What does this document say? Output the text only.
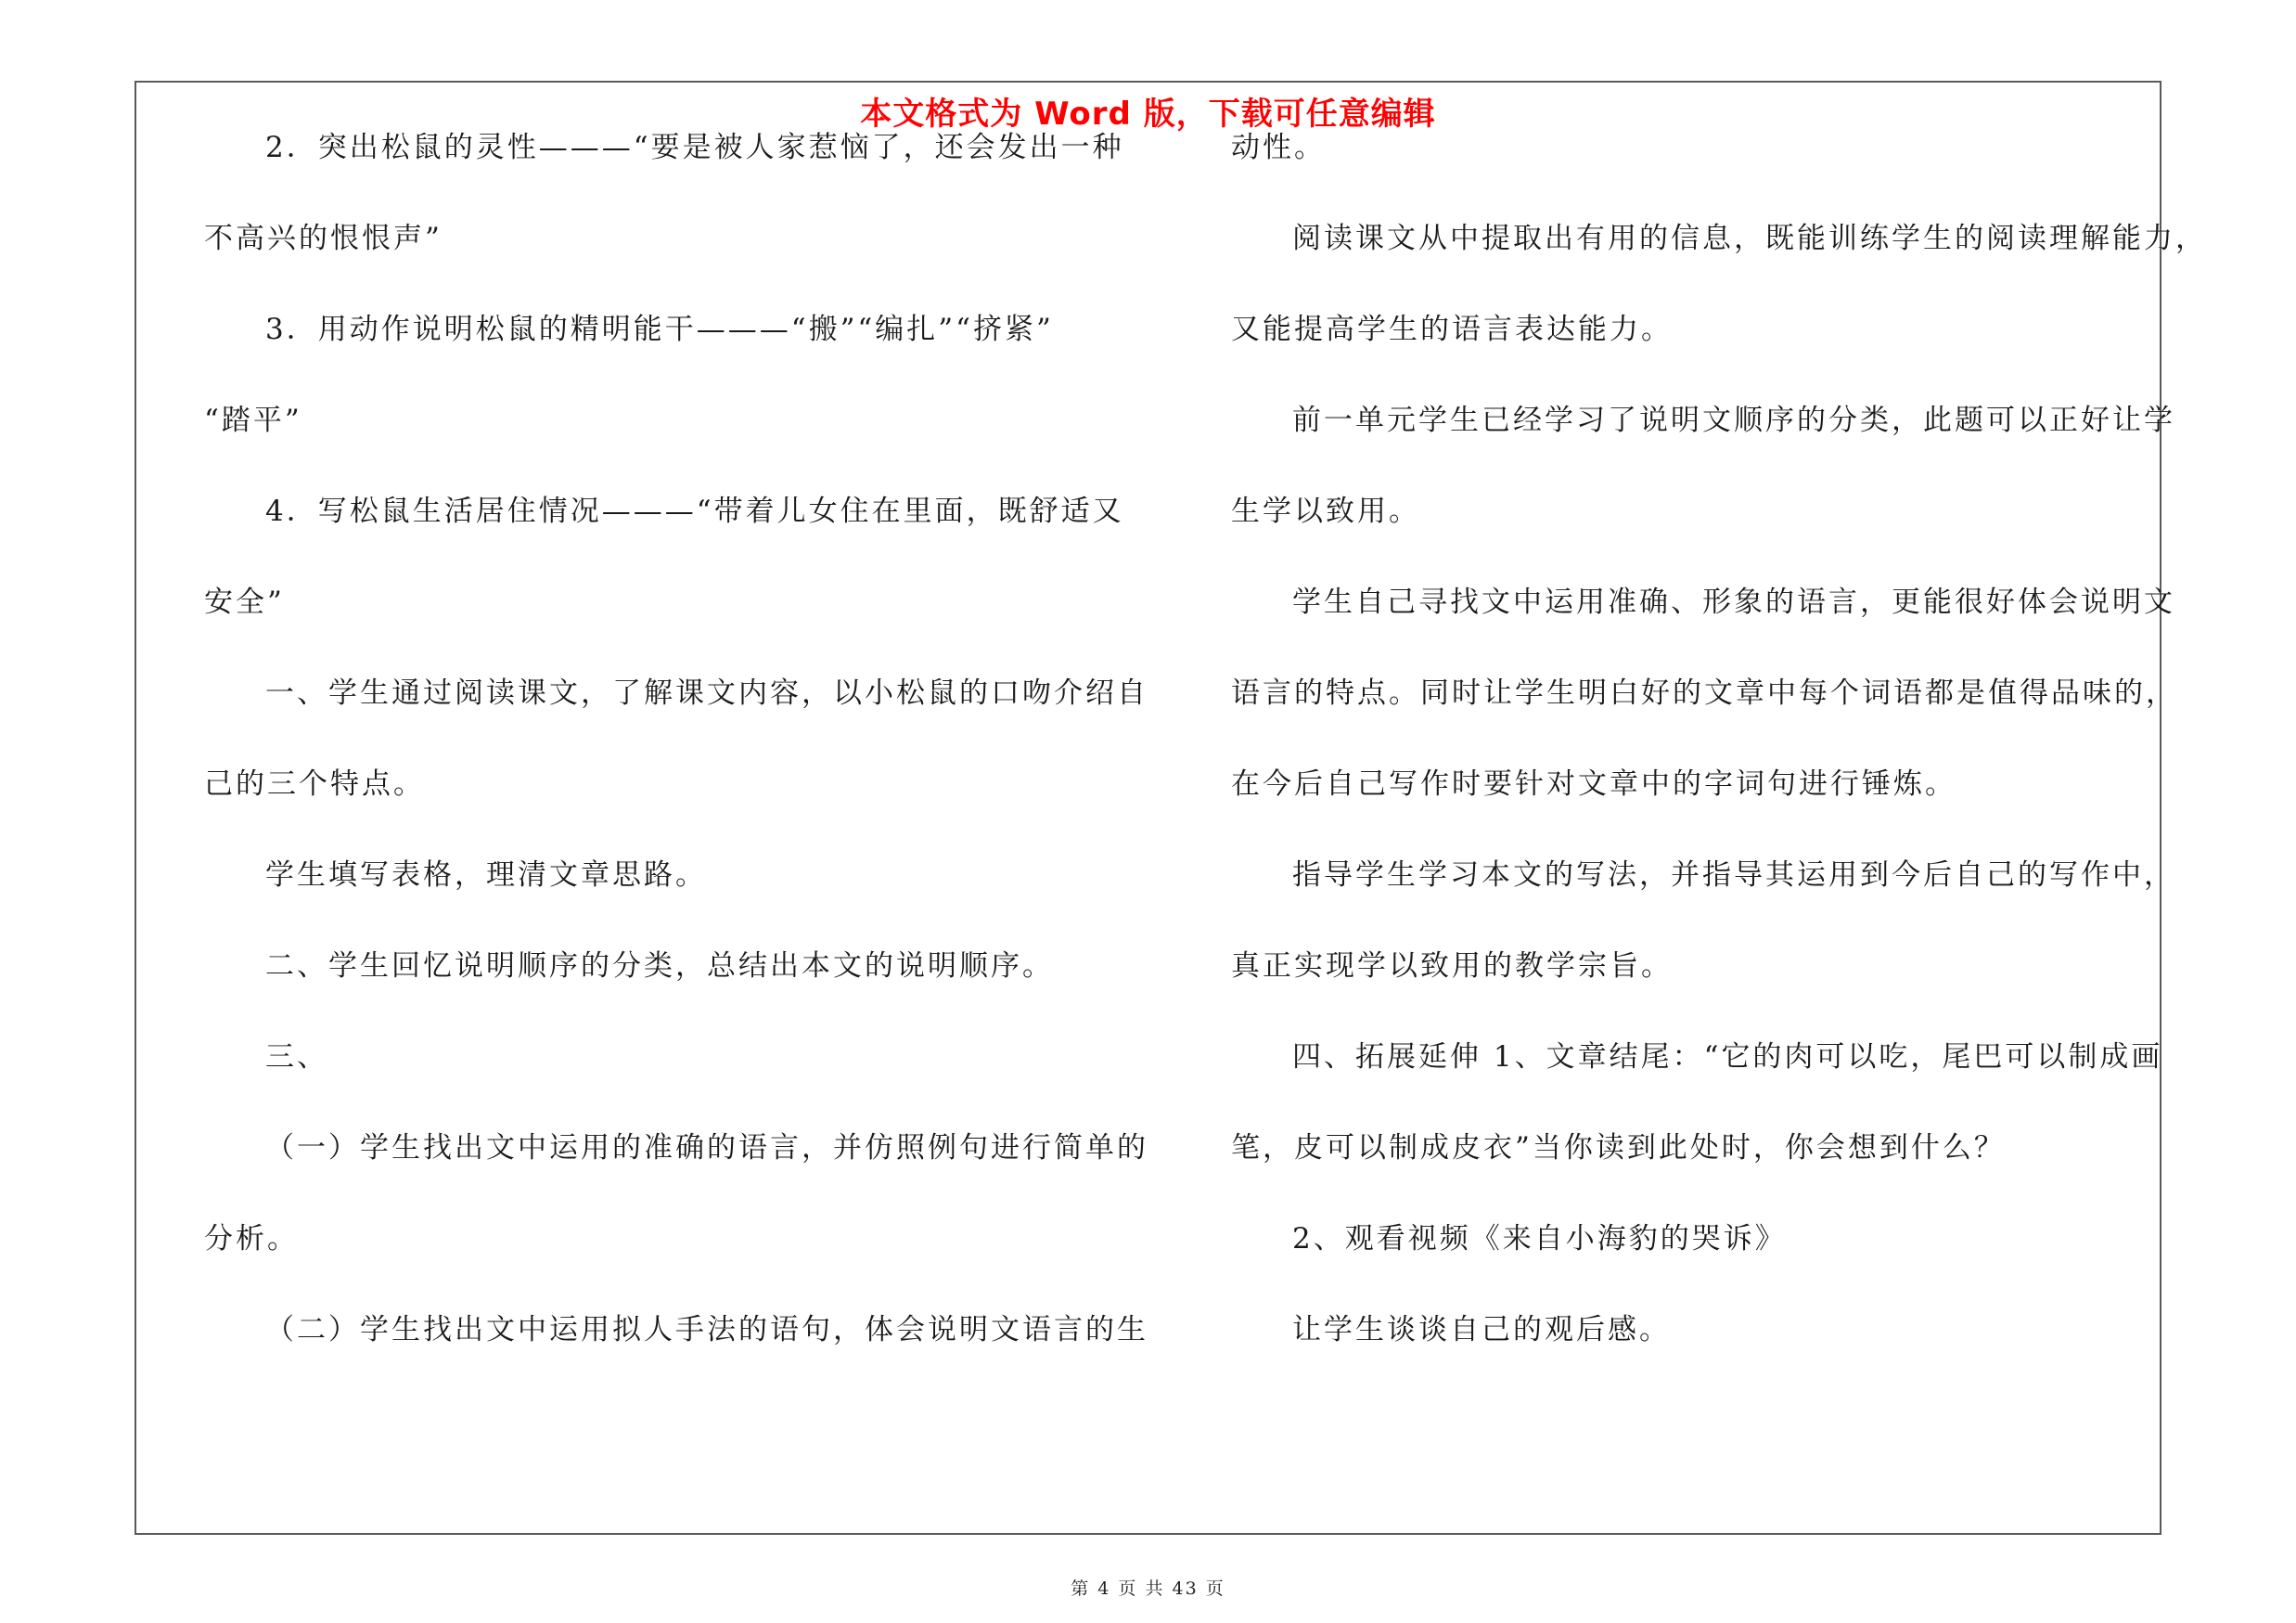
本文格式为 Word 版，下载可任意编辑
第 4 页 共 43 页

2．突出松鼠的灵性———“要是被人家惹恼了，还会发出一种

不高兴的恨恨声”

3．用动作说明松鼠的精明能干———“搬”“编扎”“挤紧”

“踏平”

4．写松鼠生活居住情况———“带着儿女住在里面，既舒适又

安全”

一、学生通过阅读课文，了解课文内容，以小松鼠的口吻介绍自

己的三个特点。

学生填写表格，理清文章思路。

二、学生回忆说明顺序的分类，总结出本文的说明顺序。

三、

（一）学生找出文中运用的准确的语言，并仿照例句进行简单的

分析。

（二）学生找出文中运用拟人手法的语句，体会说明文语言的生

动性。

阅读课文从中提取出有用的信息，既能训练学生的阅读理解能力，

又能提高学生的语言表达能力。

前一单元学生已经学习了说明文顺序的分类，此题可以正好让学

生学以致用。

学生自己寻找文中运用准确、形象的语言，更能很好体会说明文

语言的特点。同时让学生明白好的文章中每个词语都是值得品味的，

在今后自己写作时要针对文章中的字词句进行锤炼。

指导学生学习本文的写法，并指导其运用到今后自己的写作中，

真正实现学以致用的教学宗旨。

四、拓展延伸 1、文章结尾：“它的肉可以吃，尾巴可以制成画

笔，皮可以制成皮衣”当你读到此处时，你会想到什么？

2、观看视频《来自小海豹的哭诉》

让学生谈谈自己的观后感。
